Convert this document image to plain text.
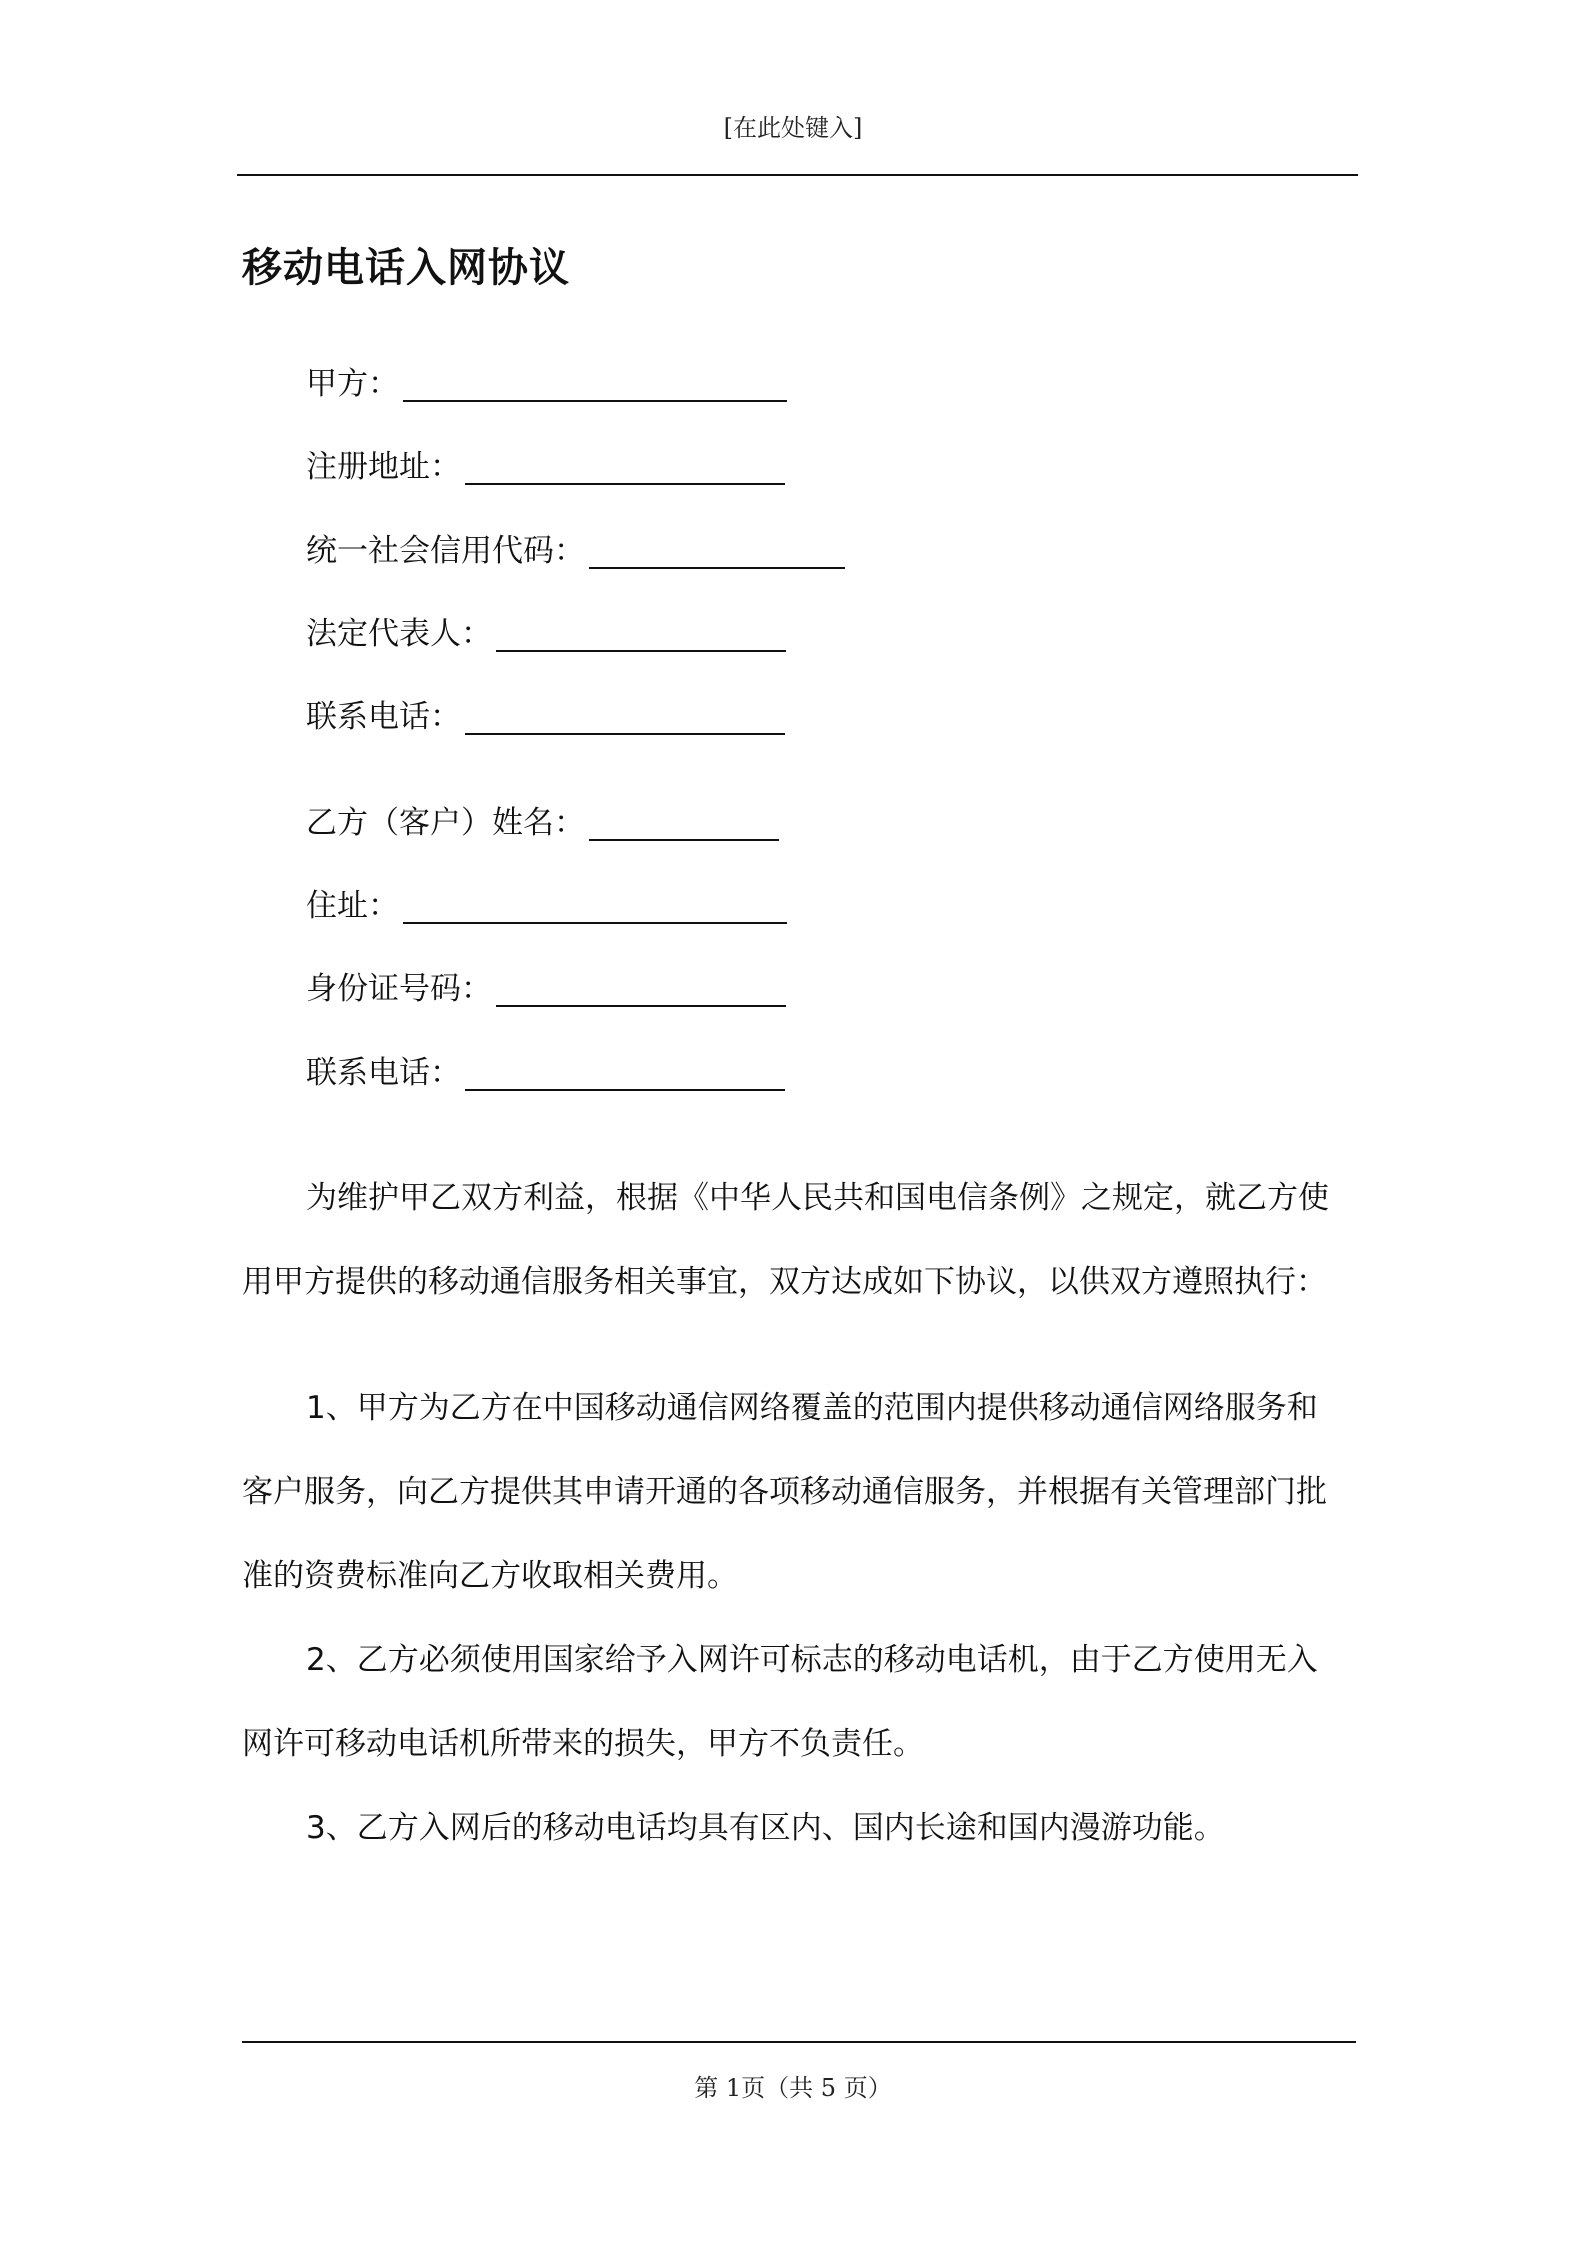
[在此处键入]
移动电话入网协议
甲方：
注册地址：
统一社会信用代码：
法定代表人：
联系电话：
乙方（客户）姓名：
住址：
身份证号码：
联系电话：
为维护甲乙双方利益，根据《中华人民共和国电信条例》之规定，就乙方使
用甲方提供的移动通信服务相关事宜，双方达成如下协议，以供双方遵照执行：
1、甲方为乙方在中国移动通信网络覆盖的范围内提供移动通信网络服务和
客户服务，向乙方提供其申请开通的各项移动通信服务，并根据有关管理部门批
准的资费标准向乙方收取相关费用。
2、乙方必须使用国家给予入网许可标志的移动电话机，由于乙方使用无入
网许可移动电话机所带来的损失，甲方不负责任。
3、乙方入网后的移动电话均具有区内、国内长途和国内漫游功能。
第 1页（共 5 页）
